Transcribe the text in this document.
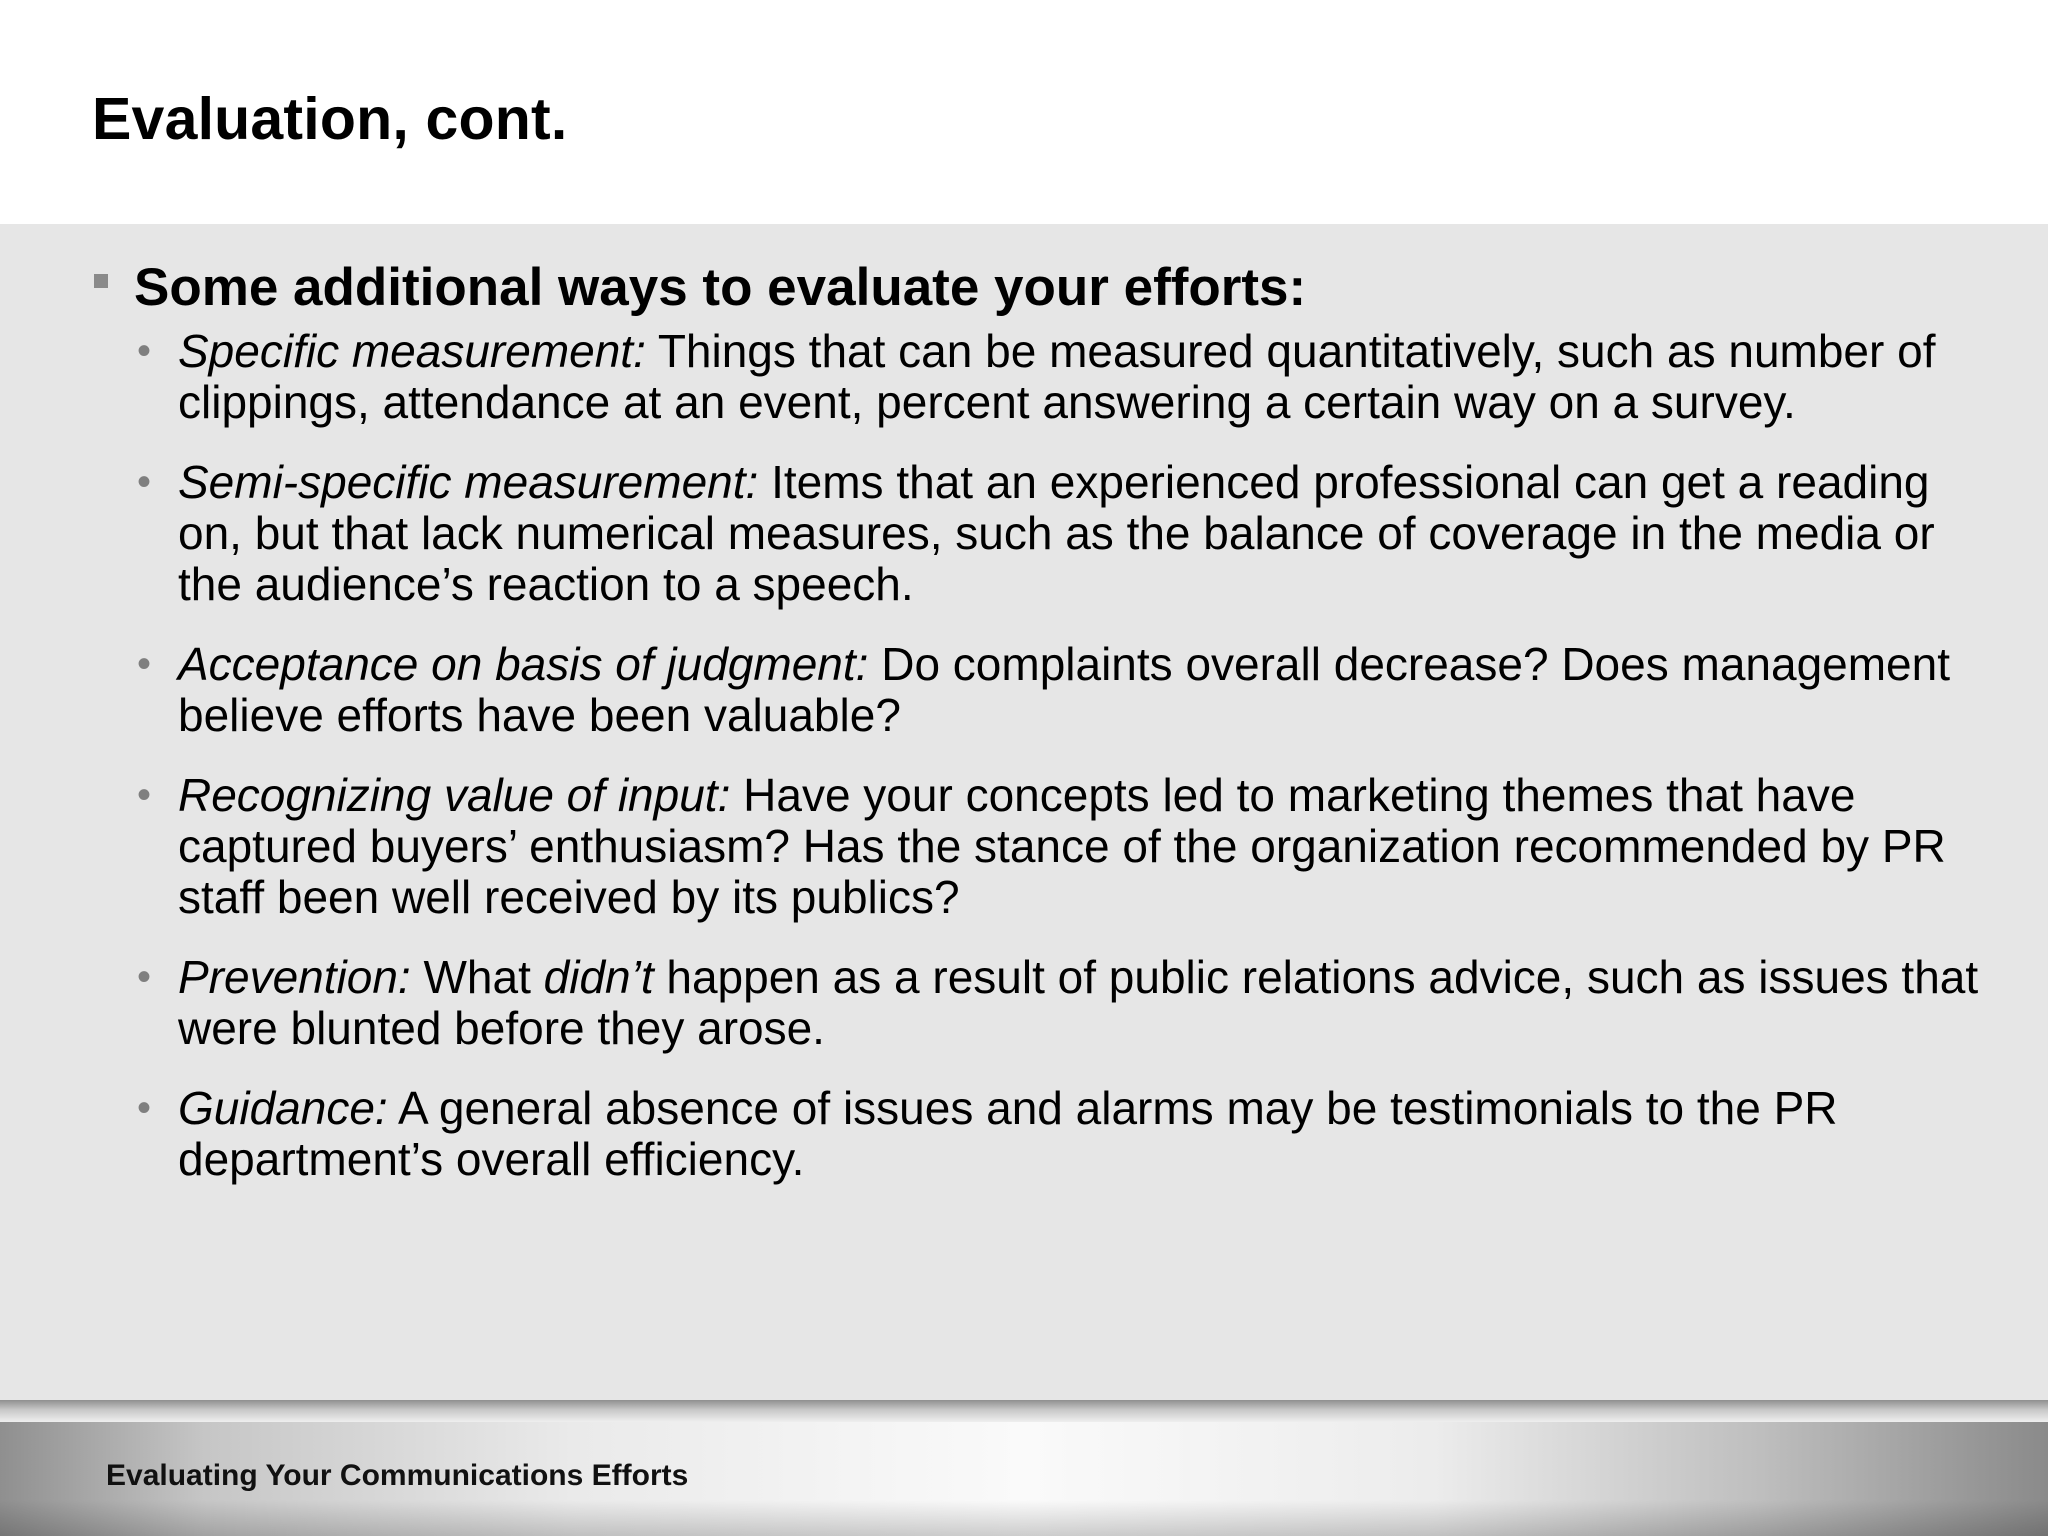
Evaluation, cont.

Some additional ways to evaluate your efforts:

• Specific measurement: Things that can be measured quantitatively, such as number of clippings, attendance at an event, percent answering a certain way on a survey.
• Semi-specific measurement: Items that an experienced professional can get a reading on, but that lack numerical measures, such as the balance of coverage in the media or the audience’s reaction to a speech.
• Acceptance on basis of judgment: Do complaints overall decrease? Does management believe efforts have been valuable?
• Recognizing value of input: Have your concepts led to marketing themes that have captured buyers’ enthusiasm? Has the stance of the organization recommended by PR staff been well received by its publics?
• Prevention: What didn’t happen as a result of public relations advice, such as issues that were blunted before they arose.
• Guidance: A general absence of issues and alarms may be testimonials to the PR department’s overall efficiency.

Evaluating Your Communications Efforts
